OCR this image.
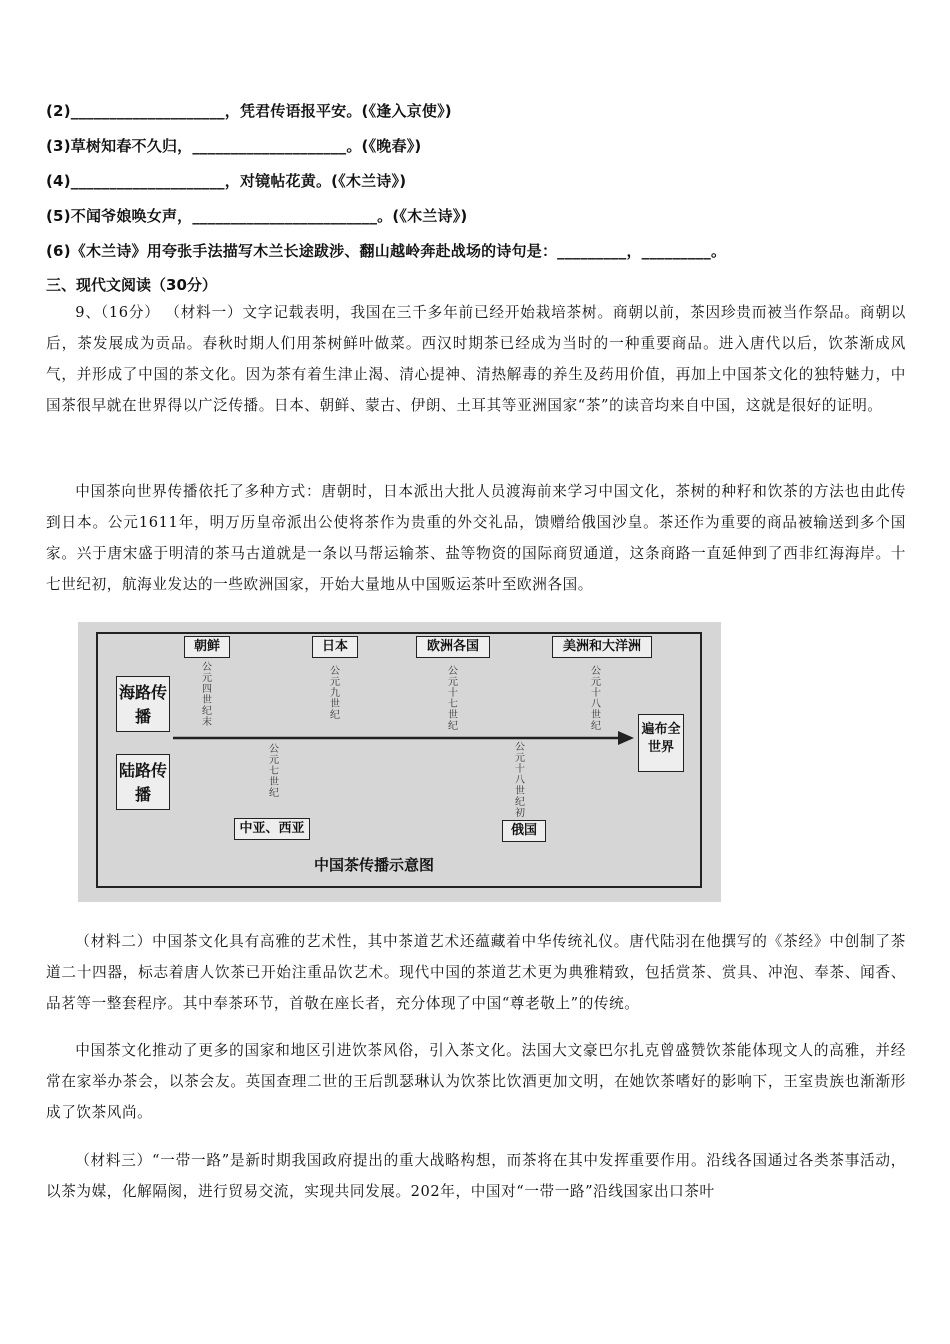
(2)____________________，凭君传语报平安。(《逢入京使》)
(3)草树知春不久归，____________________。(《晚春》)
(4)____________________，对镜帖花黄。(《木兰诗》)
(5)不闻爷娘唤女声，________________________。(《木兰诗》)
(6)《木兰诗》用夸张手法描写木兰长途跋涉、翻山越岭奔赴战场的诗句是：_________，_________。
三、现代文阅读（30分）
9、（16分） （材料一）文字记载表明，我国在三千多年前已经开始栽培茶树。商朝以前，茶因珍贵而被当作祭品。商朝以后，茶发展成为贡品。春秋时期人们用茶树鲜叶做菜。西汉时期茶已经成为当时的一种重要商品。进入唐代以后，饮茶渐成风气，并形成了中国的茶文化。因为茶有着生津止渴、清心提神、清热解毒的养生及药用价值，再加上中国茶文化的独特魅力，中国茶很早就在世界得以广泛传播。日本、朝鲜、蒙古、伊朗、土耳其等亚洲国家“茶”的读音均来自中国，这就是很好的证明。
中国茶向世界传播依托了多种方式：唐朝时，日本派出大批人员渡海前来学习中国文化，茶树的种籽和饮茶的方法也由此传到日本。公元1611年，明万历皇帝派出公使将茶作为贵重的外交礼品，馈赠给俄国沙皇。茶还作为重要的商品被输送到多个国家。兴于唐宋盛于明清的茶马古道就是一条以马帮运输茶、盐等物资的国际商贸通道，这条商路一直延伸到了西非红海海岸。十七世纪初，航海业发达的一些欧洲国家，开始大量地从中国贩运茶叶至欧洲各国。
朝鲜
公元四世纪末
日本
公元九世纪
欧洲各国
公元十七世纪
美洲和大洋洲
公元十八世纪
海路传播
陆路传播
遍布全世界
公元七世纪
中亚、西亚
公元十八世纪初
俄国
中国茶传播示意图
（材料二）中国茶文化具有高雅的艺术性，其中茶道艺术还蕴藏着中华传统礼仪。唐代陆羽在他撰写的《茶经》中创制了茶道二十四器，标志着唐人饮茶已开始注重品饮艺术。现代中国的茶道艺术更为典雅精致，包括赏茶、赏具、冲泡、奉茶、闻香、品茗等一整套程序。其中奉茶环节，首敬在座长者，充分体现了中国“尊老敬上”的传统。
中国茶文化推动了更多的国家和地区引进饮茶风俗，引入茶文化。法国大文豪巴尔扎克曾盛赞饮茶能体现文人的高雅，并经常在家举办茶会，以茶会友。英国查理二世的王后凯瑟琳认为饮茶比饮酒更加文明，在她饮茶嗜好的影响下，王室贵族也渐渐形成了饮茶风尚。
（材料三）“一带一路”是新时期我国政府提出的重大战略构想，而茶将在其中发挥重要作用。沿线各国通过各类茶事活动，以茶为媒，化解隔阂，进行贸易交流，实现共同发展。202年，中国对“一带一路”沿线国家出口茶叶
